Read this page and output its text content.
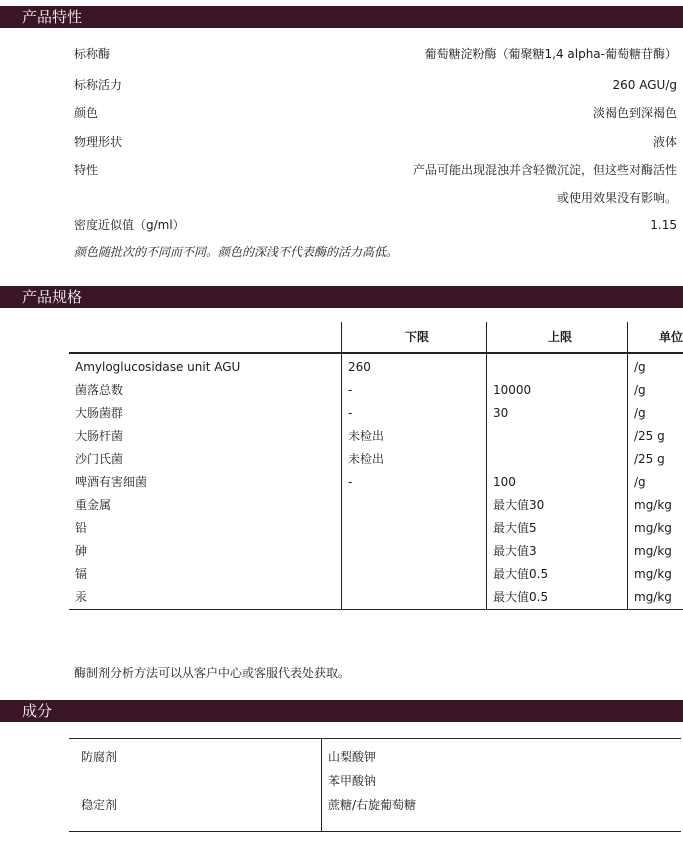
产品特性
标称酶	葡萄糖淀粉酶（葡聚糖1,4 alpha-葡萄糖苷酶）
标称活力	260 AGU/g
颜色	淡褐色到深褐色
物理形状	液体
特性	产品可能出现混浊并含轻微沉淀，但这些对酶活性
或使用效果没有影响。
密度近似值（g/ml）	1.15
颜色随批次的不同而不同。颜色的深浅不代表酶的活力高低。
产品规格
	下限	上限	单位
Amyloglucosidase unit AGU	260		/g
菌落总数	-	10000	/g
大肠菌群	-	30	/g
大肠杆菌	未检出		/25 g
沙门氏菌	未检出		/25 g
啤酒有害细菌	-	100	/g
重金属		最大值30	mg/kg
铅		最大值5	mg/kg
砷		最大值3	mg/kg
镉		最大值0.5	mg/kg
汞		最大值0.5	mg/kg
酶制剂分析方法可以从客户中心或客服代表处获取。
成分
防腐剂	山梨酸钾
	苯甲酸钠
稳定剂	蔗糖/右旋葡萄糖
